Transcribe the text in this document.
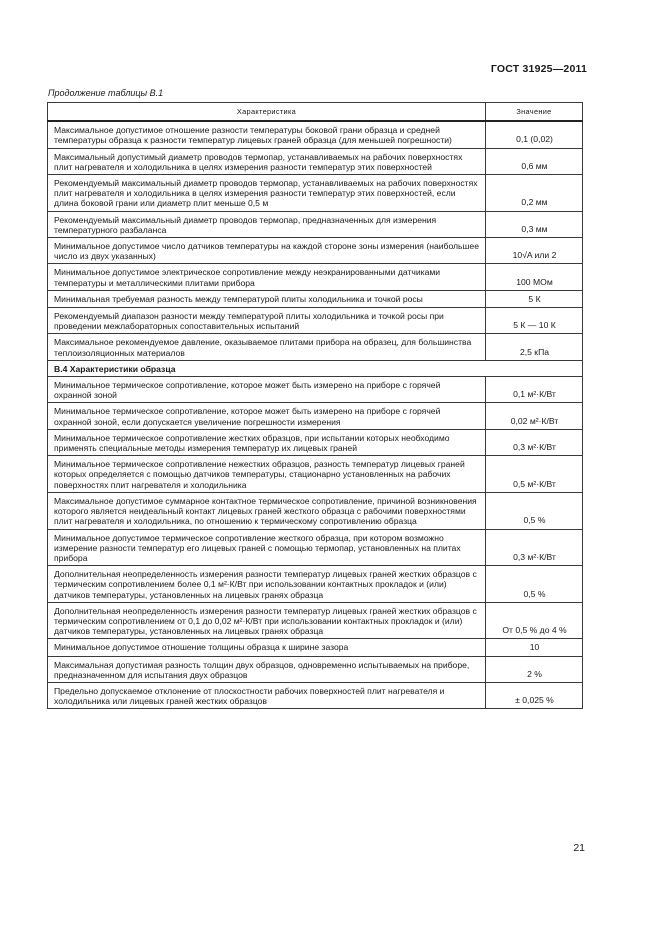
ГОСТ 31925—2011
Продолжение таблицы В.1
Характеристика	Значение
Максимальное допустимое отношение разности температуры боковой грани образца и средней температуры образца к разности температур лицевых граней образца (для меньшей погрешности)	0,1 (0,02)
Максимальный допустимый диаметр проводов термопар, устанавливаемых на рабочих поверхностях плит нагревателя и холодильника в целях измерения разности температур этих поверхностей	0,6 мм
Рекомендуемый максимальный диаметр проводов термопар, устанавливаемых на рабочих поверхностях плит нагревателя и холодильника в целях измерения разности температур этих поверхностей, если длина боковой грани или диаметр плит меньше 0,5 м	0,2 мм
Рекомендуемый максимальный диаметр проводов термопар, предназначенных для измерения температурного разбаланса	0,3 мм
Минимальное допустимое число датчиков температуры на каждой стороне зоны измерения (наибольшее число из двух указанных)	10√A или 2
Минимальное допустимое электрическое сопротивление между неэкранированными датчиками температуры и металлическими плитами прибора	100 МОм
Минимальная требуемая разность между температурой плиты холодильника и точкой росы	5 К
Рекомендуемый диапазон разности между температурой плиты холодильника и точкой росы при проведении межлабораторных сопоставительных испытаний	5 К — 10 К
Максимальное рекомендуемое давление, оказываемое плитами прибора на образец, для большинства теплоизоляционных материалов	2,5 кПа
В.4 Характеристики образца	
Минимальное термическое сопротивление, которое может быть измерено на приборе с горячей охранной зоной	0,1 м²·К/Вт
Минимальное термическое сопротивление, которое может быть измерено на приборе с горячей охранной зоной, если допускается увеличение погрешности измерения	0,02 м²·К/Вт
Минимальное термическое сопротивление жестких образцов, при испытании которых необходимо применять специальные методы измерения температур их лицевых граней	0,3 м²·К/Вт
Минимальное термическое сопротивление нежестких образцов, разность температур лицевых граней которых определяется с помощью датчиков температуры, стационарно установленных на рабочих поверхностях плит нагревателя и холодильника	0,5 м²·К/Вт
Максимальное допустимое суммарное контактное термическое сопротивление, причиной возникновения которого является неидеальный контакт лицевых граней жесткого образца с рабочими поверхностями плит нагревателя и холодильника, по отношению к термическому сопротивлению образца	0,5 %
Минимальное допустимое термическое сопротивление жесткого образца, при котором возможно измерение разности температур его лицевых граней с помощью термопар, установленных на плитах прибора	0,3 м²·К/Вт
Дополнительная неопределенность измерения разности температур лицевых граней жестких образцов с термическим сопротивлением более 0,1 м²·К/Вт при использовании контактных прокладок и (или) датчиков температуры, установленных на лицевых гранях образца	0,5 %
Дополнительная неопределенность измерения разности температур лицевых граней жестких образцов с термическим сопротивлением от 0,1 до 0,02 м²·К/Вт при использовании контактных прокладок и (или) датчиков температуры, установленных на лицевых гранях образца	От 0,5 % до 4 %
Минимальное допустимое отношение толщины образца к ширине зазора	10
Максимальная допустимая разность толщин двух образцов, одновременно испытываемых на приборе, предназначенном для испытания двух образцов	2 %
Предельно допускаемое отклонение от плоскостности рабочих поверхностей плит нагревателя и холодильника или лицевых граней жестких образцов	± 0,025 %
21
